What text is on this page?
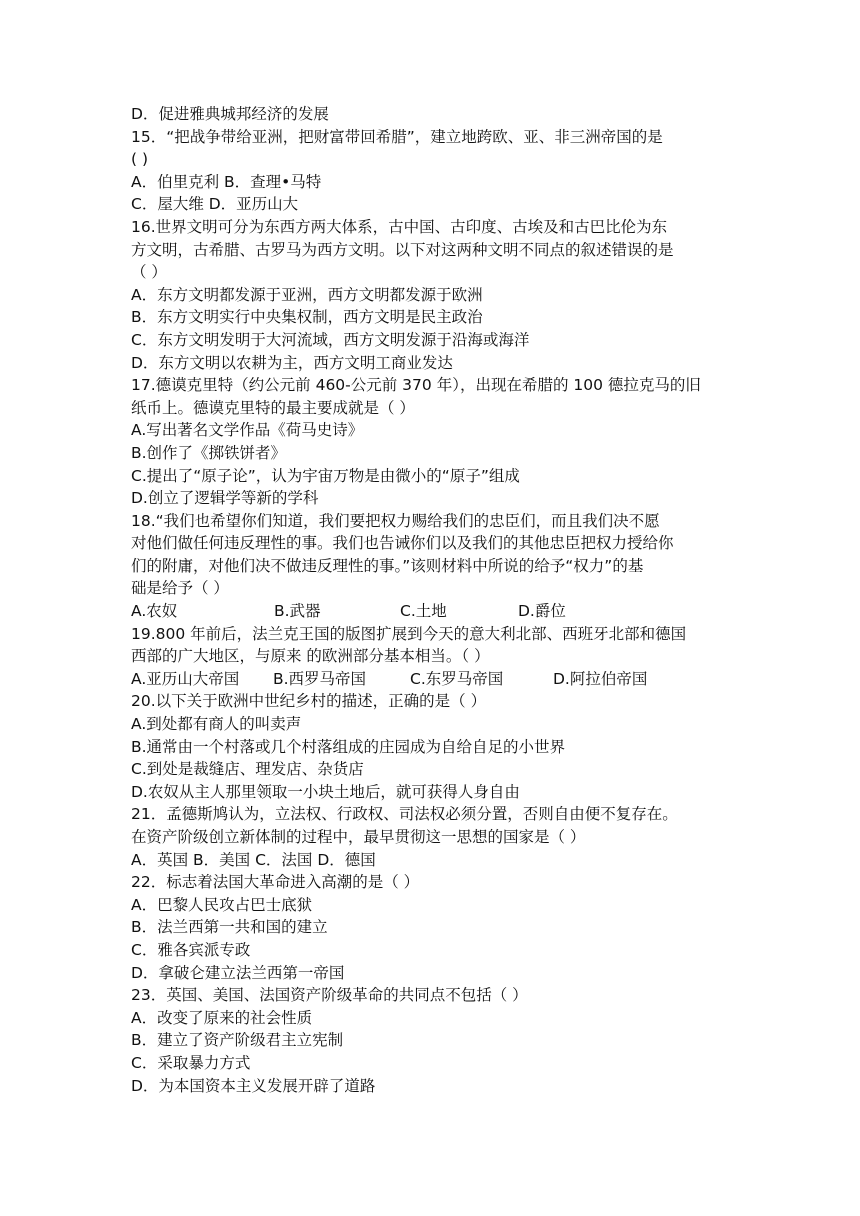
D．促进雅典城邦经济的发展
15．“把战争带给亚洲，把财富带回希腊”，建立地跨欧、亚、非三洲帝国的是
( )
A．伯里克利 B．查理•马特
C．屋大维 D．亚历山大
16.世界文明可分为东西方两大体系，古中国、古印度、古埃及和古巴比伦为东
方文明，古希腊、古罗马为西方文明。以下对这两种文明不同点的叙述错误的是
（ ）
A．东方文明都发源于亚洲，西方文明都发源于欧洲
B．东方文明实行中央集权制，西方文明是民主政治
C．东方文明发明于大河流域，西方文明发源于沿海或海洋
D．东方文明以农耕为主，西方文明工商业发达
17.德谟克里特（约公元前 460-公元前 370 年），出现在希腊的 100 德拉克马的旧
纸币上。德谟克里特的最主要成就是（ ）
A.写出著名文学作品《荷马史诗》
B.创作了《掷铁饼者》
C.提出了“原子论”，认为宇宙万物是由微小的“原子”组成
D.创立了逻辑学等新的学科
18.“我们也希望你们知道，我们要把权力赐给我们的忠臣们，而且我们决不愿
对他们做任何违反理性的事。我们也告诫你们以及我们的其他忠臣把权力授给你
们的附庸，对他们决不做违反理性的事。”该则材料中所说的给予“权力”的基
础是给予（ ）
A.农奴	B.武器	C.土地	D.爵位
19.800 年前后，法兰克王国的版图扩展到今天的意大利北部、西班牙北部和德国
西部的广大地区，与原来 的欧洲部分基本相当。（ ）
A.亚历山大帝国 B.西罗马帝国	C.东罗马帝国	D.阿拉伯帝国
20.以下关于欧洲中世纪乡村的描述，正确的是（ ）
A.到处都有商人的叫卖声
B.通常由一个村落或几个村落组成的庄园成为自给自足的小世界
C.到处是裁缝店、理发店、杂货店
D.农奴从主人那里领取一小块土地后，就可获得人身自由
21．孟德斯鸠认为，立法权、行政权、司法权必须分置，否则自由便不复存在。
在资产阶级创立新体制的过程中，最早贯彻这一思想的国家是（ ）
A．英国 B．美国 C．法国 D．德国
22．标志着法国大革命进入高潮的是（ ）
A．巴黎人民攻占巴士底狱
B．法兰西第一共和国的建立
C．雅各宾派专政
D．拿破仑建立法兰西第一帝国
23．英国、美国、法国资产阶级革命的共同点不包括（ ）
A．改变了原来的社会性质
B．建立了资产阶级君主立宪制
C．采取暴力方式
D．为本国资本主义发展开辟了道路
